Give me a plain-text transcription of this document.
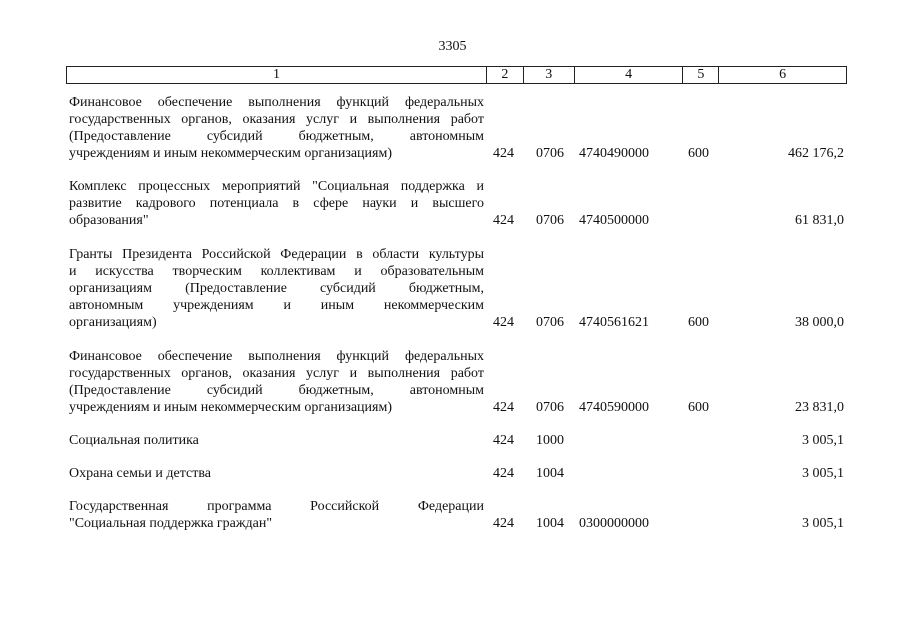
3305
1	2	3	4	5	6
Финансовое обеспечение выполнения функций федеральных
государственных органов, оказания услуг и выполнения работ
(Предоставление субсидий бюджетным, автономным
учреждениям и иным некоммерческим организациям)	424 0706 4740490000	600	462 176,2
Комплекс процессных мероприятий "Социальная поддержка и
развитие кадрового потенциала в сфере науки и высшего
образования"	424 0706 4740500000	61 831,0
Гранты Президента Российской Федерации в области культуры
и искусства творческим коллективам и образовательным
организациям (Предоставление субсидий бюджетным,
автономным учреждениям и иным некоммерческим
организациям)	424 0706 4740561621	600	38 000,0
Финансовое обеспечение выполнения функций федеральных
государственных органов, оказания услуг и выполнения работ
(Предоставление субсидий бюджетным, автономным
учреждениям и иным некоммерческим организациям)	424 0706 4740590000	600	23 831,0
Социальная политика	424 1000	3 005,1
Охрана семьи и детства	424 1004	3 005,1
Государственная программа Российской Федерации
"Социальная поддержка граждан"	424 1004 0300000000	3 005,1
